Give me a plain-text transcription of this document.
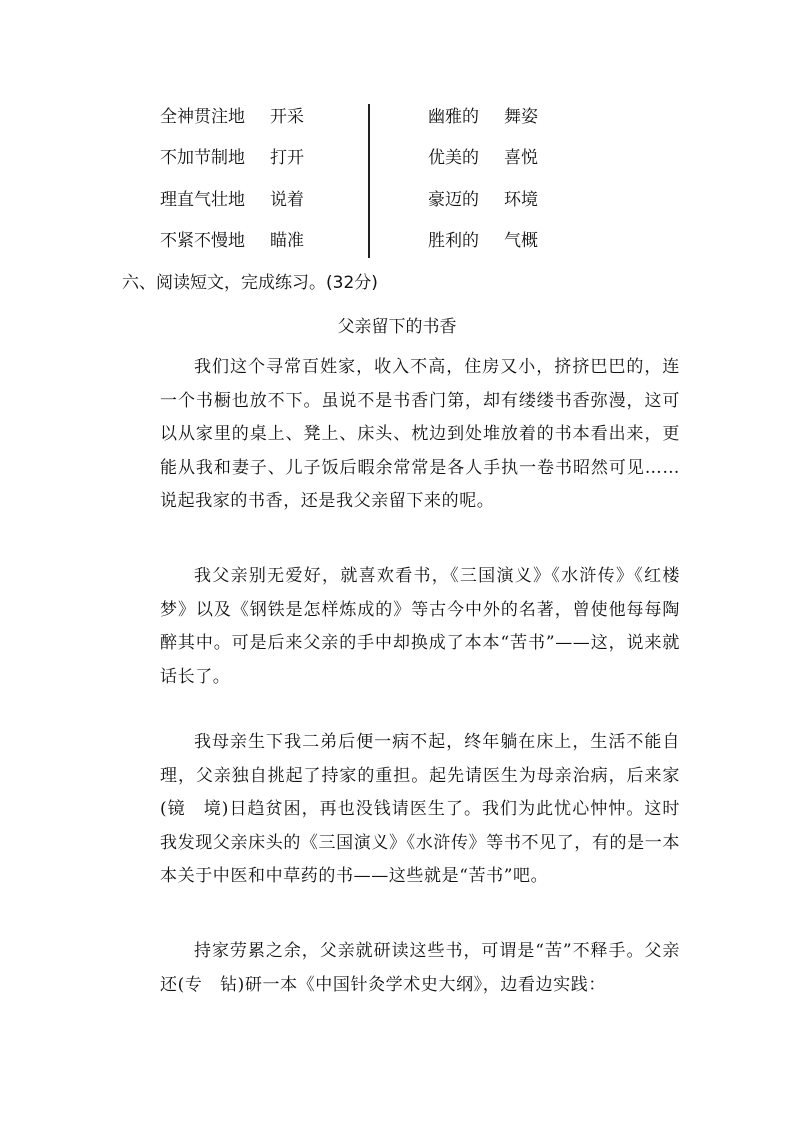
全神贯注地 开采	幽雅的 舞姿
不加节制地 打开	优美的 喜悦
理直气壮地 说着	豪迈的 环境
不紧不慢地 瞄准	胜利的 气概
六、阅读短文，完成练习。(32分)
父亲留下的书香

我们这个寻常百姓家，收入不高，住房又小，挤挤巴巴的，连一个书橱也放不下。虽说不是书香门第，却有缕缕书香弥漫，这可以从家里的桌上、凳上、床头、枕边到处堆放着的书本看出来，更能从我和妻子、儿子饭后暇余常常是各人手执一卷书昭然可见……说起我家的书香，还是我父亲留下来的呢。

我父亲别无爱好，就喜欢看书，《三国演义》《水浒传》《红楼梦》以及《钢铁是怎样炼成的》等古今中外的名著，曾使他每每陶醉其中。可是后来父亲的手中却换成了本本“苦书”——这，说来就话长了。

我母亲生下我二弟后便一病不起，终年躺在床上，生活不能自理，父亲独自挑起了持家的重担。起先请医生为母亲治病，后来家(镜　境)日趋贫困，再也没钱请医生了。我们为此忧心忡忡。这时我发现父亲床头的《三国演义》《水浒传》等书不见了，有的是一本本关于中医和中草药的书——这些就是“苦书”吧。

持家劳累之余，父亲就研读这些书，可谓是“苦”不释手。父亲还(专　钻)研一本《中国针灸学术史大纲》，边看边实践：
